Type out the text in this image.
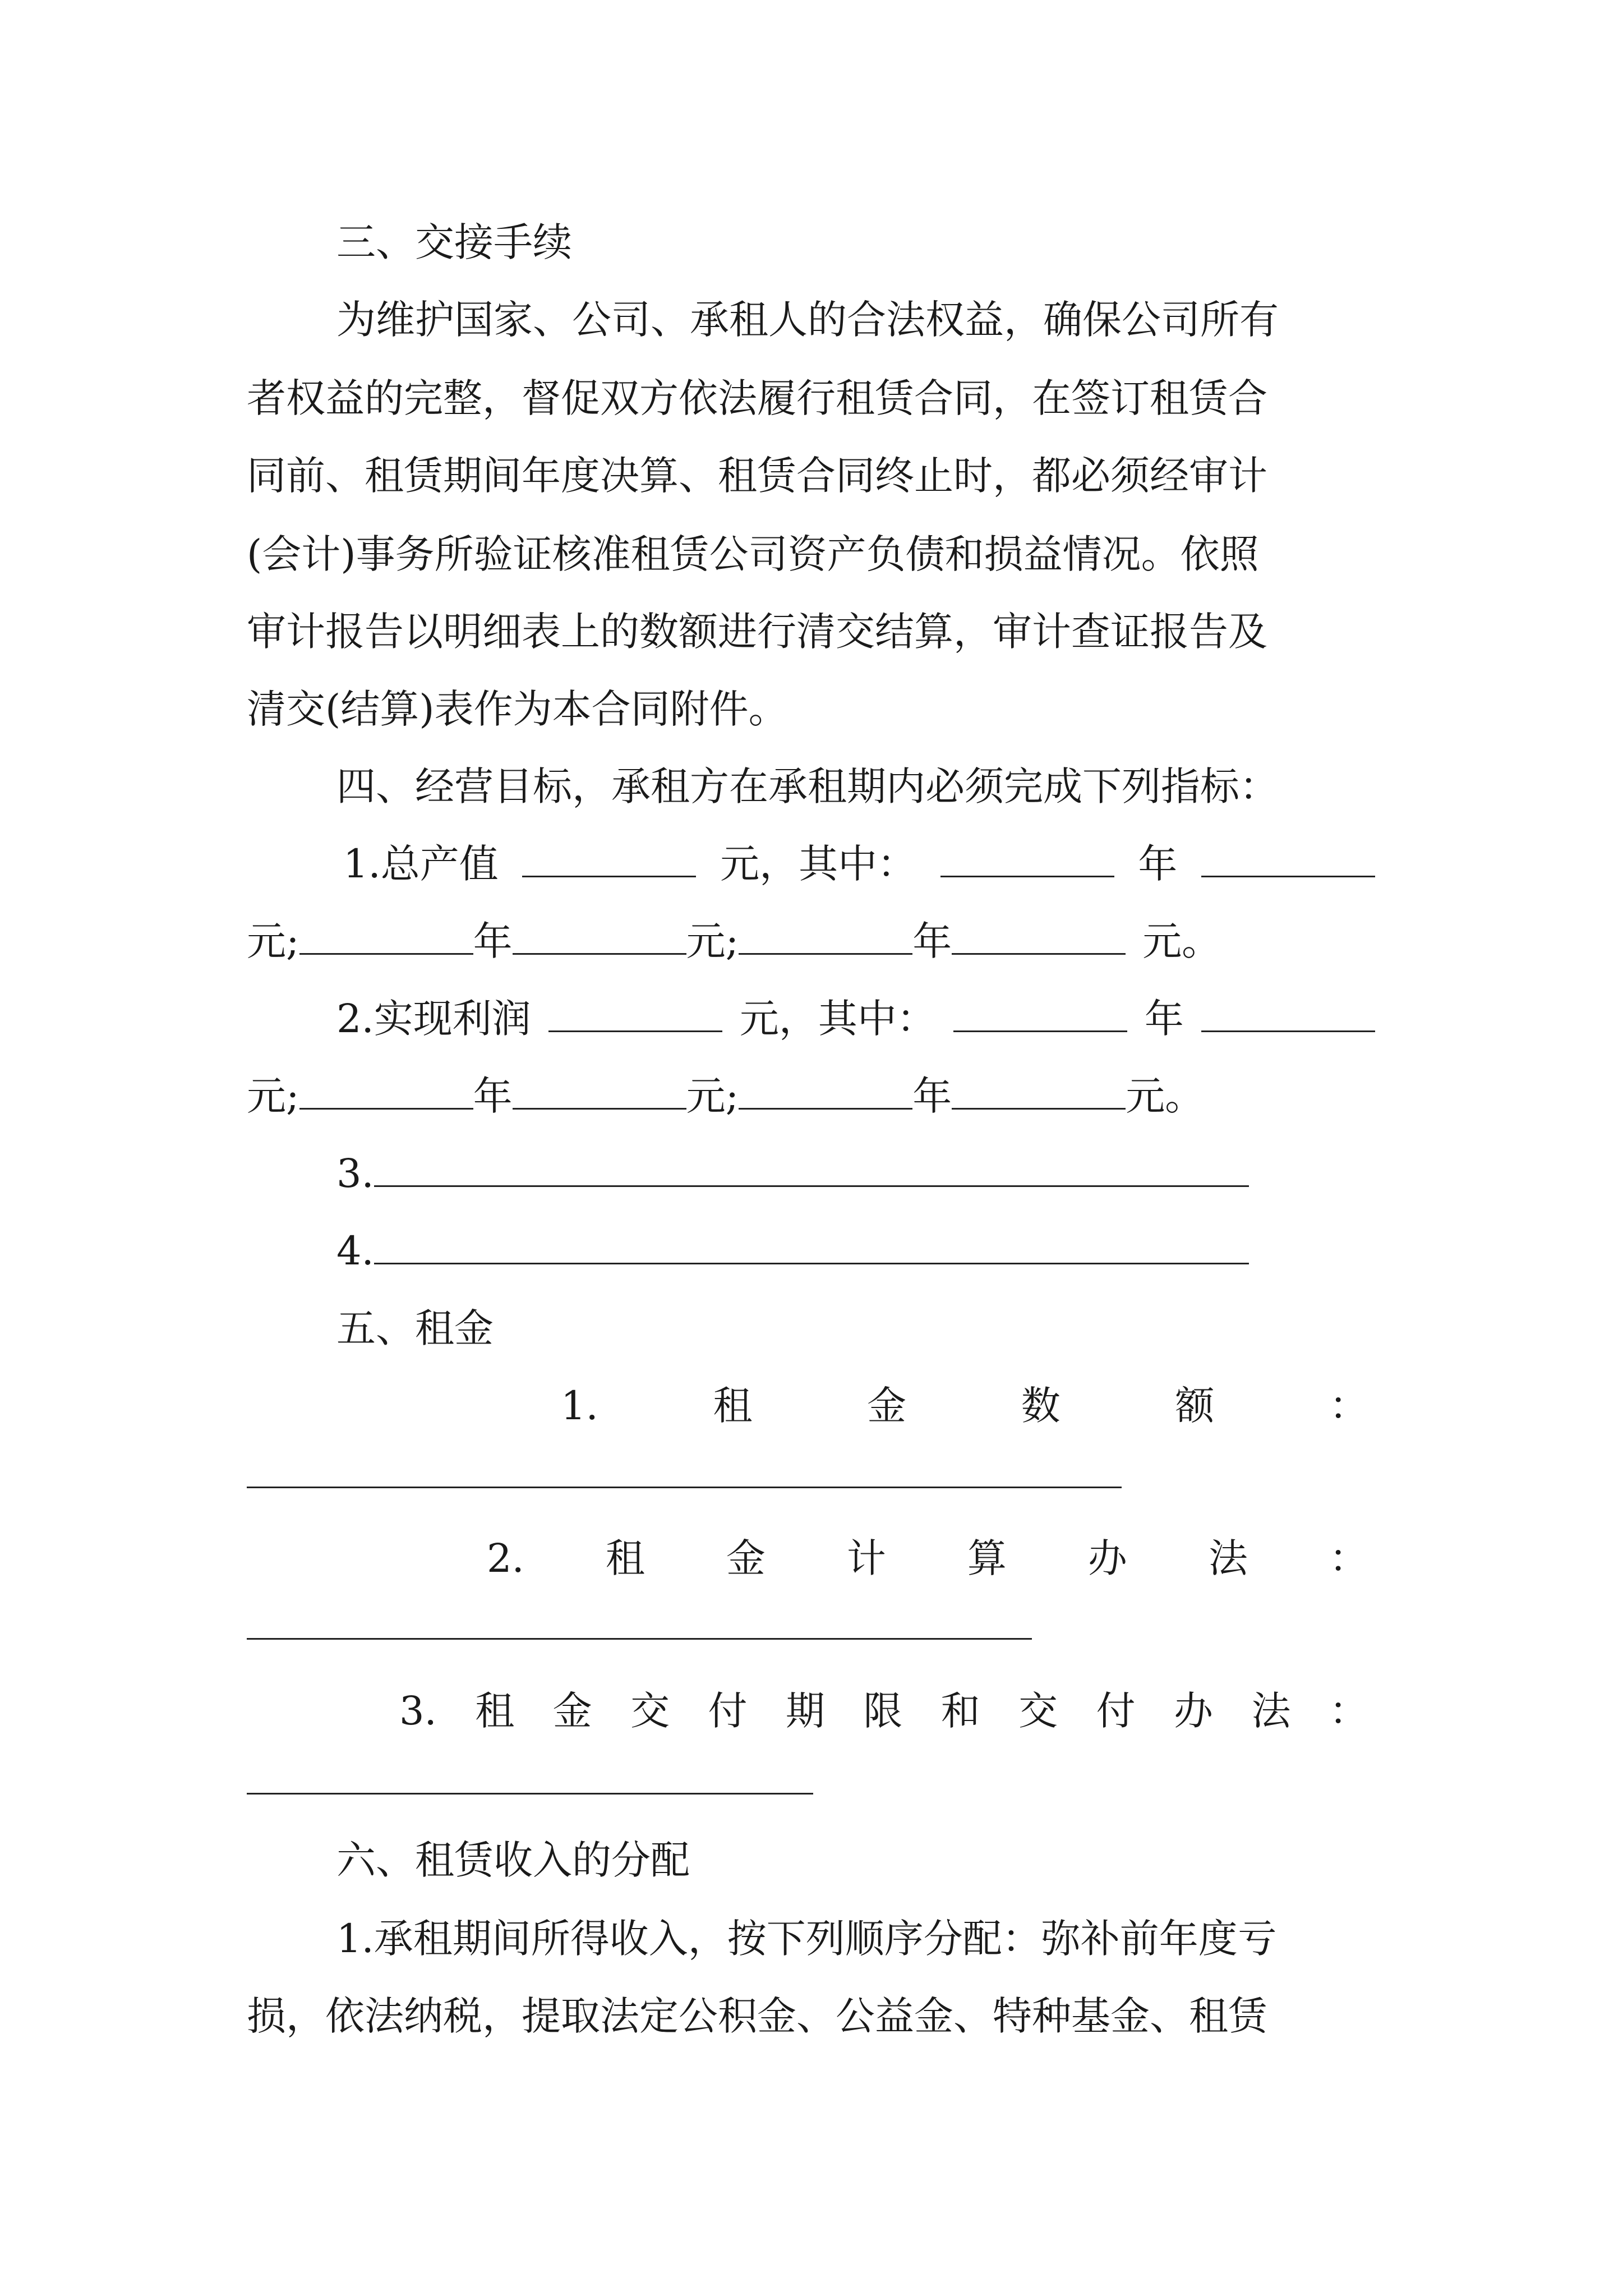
三、交接手续

为维护国家、公司、承租人的合法权益，确保公司所有

者权益的完整，督促双方依法履行租赁合同，在签订租赁合

同前、租赁期间年度决算、租赁合同终止时，都必须经审计

(会计)事务所验证核准租赁公司资产负债和损益情况。依照

审计报告以明细表上的数额进行清交结算，审计查证报告及

清交(结算)表作为本合同附件。

四、经营目标，承租方在承租期内必须完成下列指标：

1.总产值	元，其中：	年
元;	年	元;	年	元。
2.实现利润	元，其中：	年
元;	年	元;	年	元。
3.
4.

五、租金

1.	租	金	数	额	：
2. 租 金 计 算 办 法 ：
3. 租 金 交 付 期 限 和 交 付 办 法 ：

六、租赁收入的分配

1.承租期间所得收入，按下列顺序分配：弥补前年度亏

损，依法纳税，提取法定公积金、公益金、特种基金、租赁
